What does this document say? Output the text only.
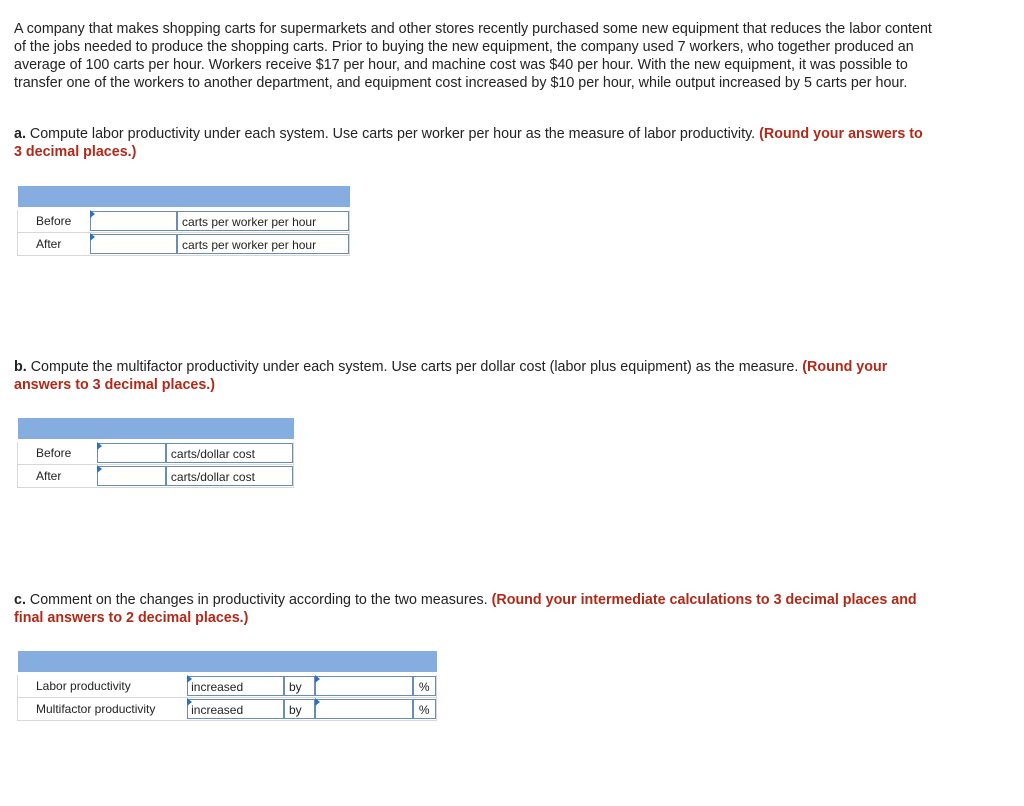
A company that makes shopping carts for supermarkets and other stores recently purchased some new equipment that reduces the labor content of the jobs needed to produce the shopping carts. Prior to buying the new equipment, the company used 7 workers, who together produced an average of 100 carts per hour. Workers receive $17 per hour, and machine cost was $40 per hour. With the new equipment, it was possible to transfer one of the workers to another department, and equipment cost increased by $10 per hour, while output increased by 5 carts per hour.
a. Compute labor productivity under each system. Use carts per worker per hour as the measure of labor productivity. (Round your answers to 3 decimal places.)

Before		carts per worker per hour

After		carts per worker per hour
b. Compute the multifactor productivity under each system. Use carts per dollar cost (labor plus equipment) as the measure. (Round your answers to 3 decimal places.)

Before		carts/dollar cost

After		carts/dollar cost
c. Comment on the changes in productivity according to the two measures. (Round your intermediate calculations to 3 decimal places and final answers to 2 decimal places.)

Labor productivity	increased	by		%

Multifactor productivity	increased	by		%
